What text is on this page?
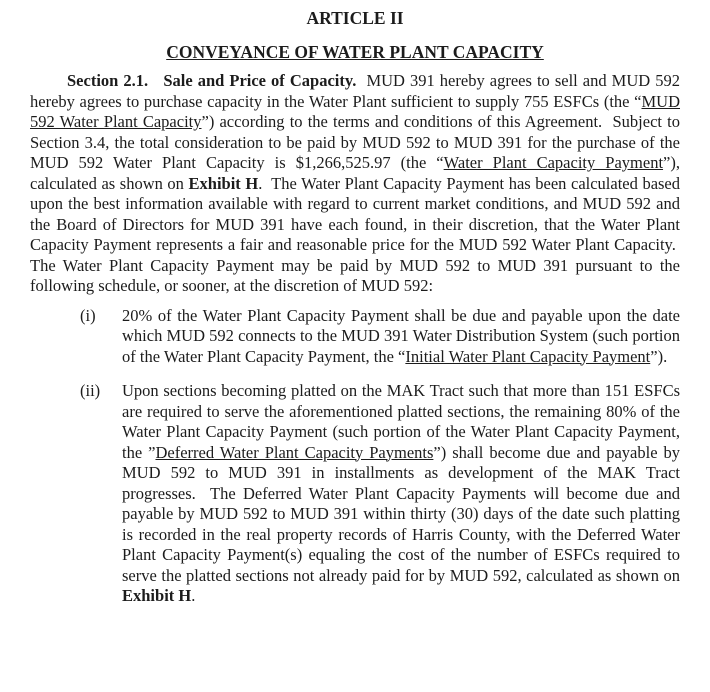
ARTICLE II

CONVEYANCE OF WATER PLANT CAPACITY

Section 2.1. Sale and Price of Capacity.  MUD 391 hereby agrees to sell and MUD 592 hereby agrees to purchase capacity in the Water Plant sufficient to supply 755 ESFCs (the “MUD 592 Water Plant Capacity”) according to the terms and conditions of this Agreement.  Subject to Section 3.4, the total consideration to be paid by MUD 592 to MUD 391 for the purchase of the MUD 592 Water Plant Capacity is $1,266,525.97 (the “Water Plant Capacity Payment”), calculated as shown on Exhibit H.  The Water Plant Capacity Payment has been calculated based upon the best information available with regard to current market conditions, and MUD 592 and the Board of Directors for MUD 391 have each found, in their discretion, that the Water Plant Capacity Payment represents a fair and reasonable price for the MUD 592 Water Plant Capacity.  The Water Plant Capacity Payment may be paid by MUD 592 to MUD 391 pursuant to the following schedule, or sooner, at the discretion of MUD 592:

(i)	20% of the Water Plant Capacity Payment shall be due and payable upon the date which MUD 592 connects to the MUD 391 Water Distribution System (such portion of the Water Plant Capacity Payment, the “Initial Water Plant Capacity Payment”).
(ii)	Upon sections becoming platted on the MAK Tract such that more than 151 ESFCs are required to serve the aforementioned platted sections, the remaining 80% of the Water Plant Capacity Payment (such portion of the Water Plant Capacity Payment, the ”Deferred Water Plant Capacity Payments”) shall become due and payable by MUD 592 to MUD 391 in installments as development of the MAK Tract progresses.  The Deferred Water Plant Capacity Payments will become due and payable by MUD 592 to MUD 391 within thirty (30) days of the date such platting is recorded in the real property records of Harris County, with the Deferred Water Plant Capacity Payment(s) equaling the cost of the number of ESFCs required to serve the platted sections not already paid for by MUD 592, calculated as shown on Exhibit H.
